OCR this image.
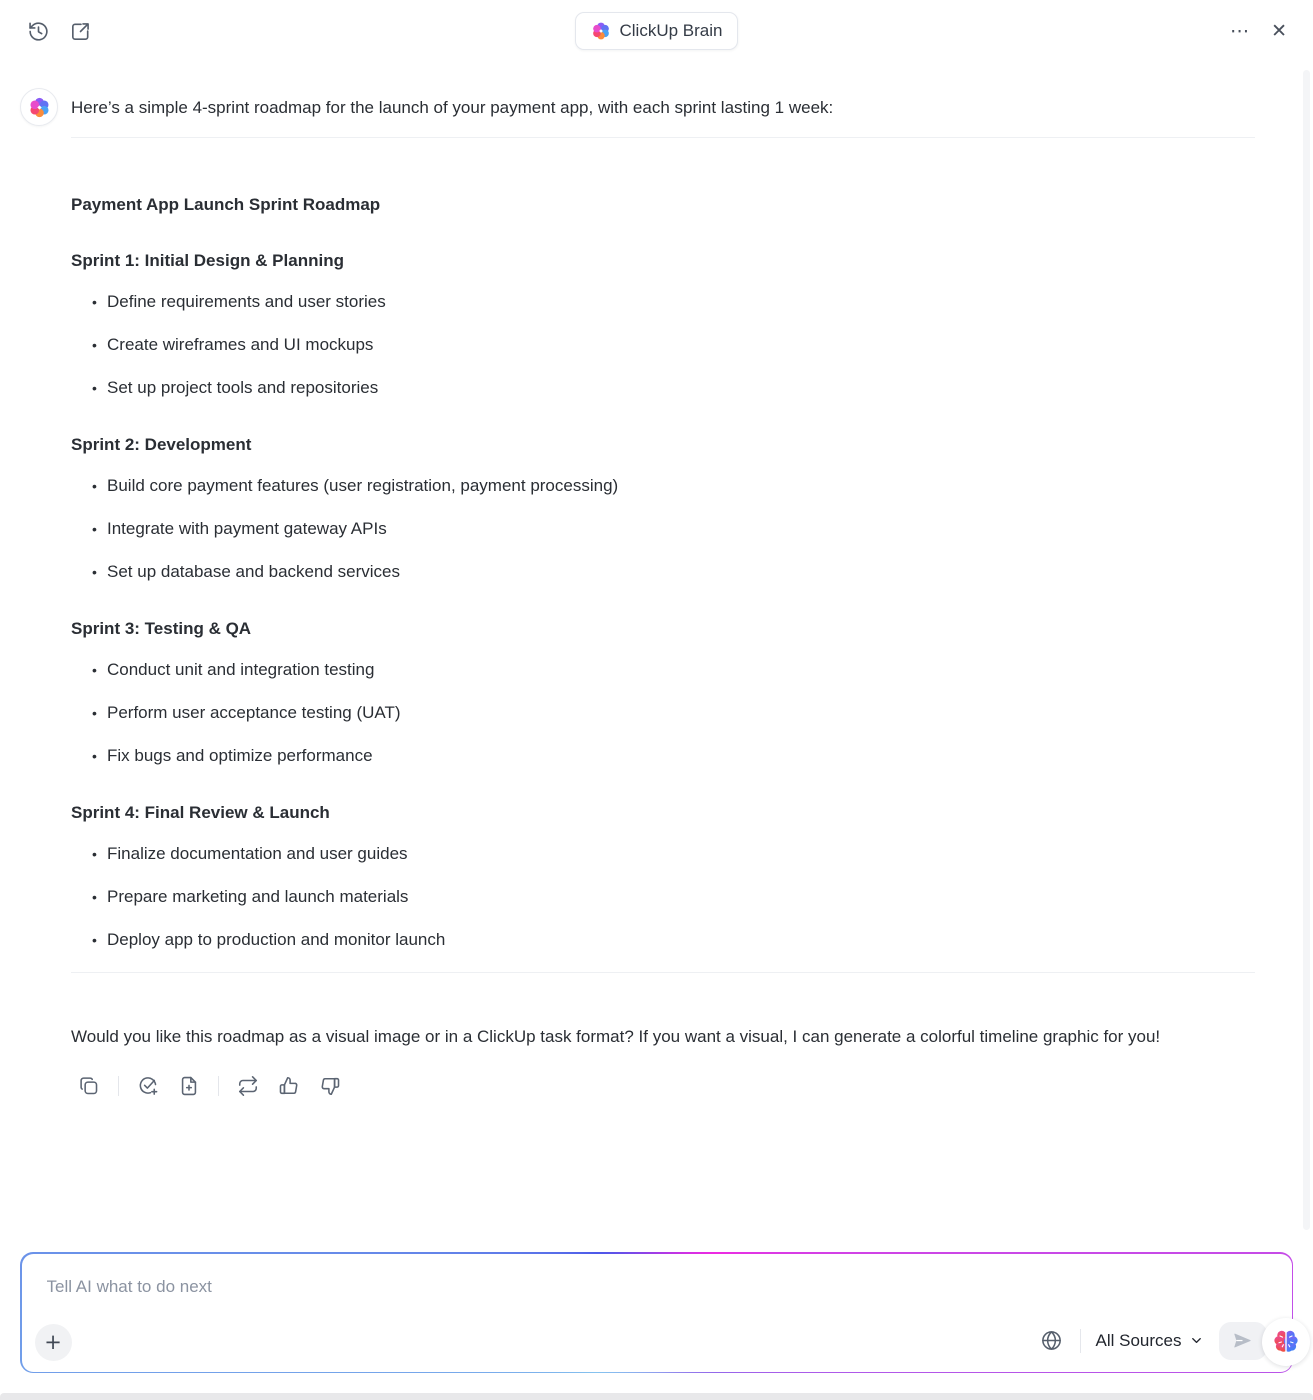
ClickUp Brain	⋯ ✕

Here’s a simple 4-sprint roadmap for the launch of your payment app, with each sprint lasting 1 week:

Payment App Launch Sprint Roadmap

Sprint 1: Initial Design & Planning

• Define requirements and user stories
• Create wireframes and UI mockups
• Set up project tools and repositories

Sprint 2: Development

• Build core payment features (user registration, payment processing)
• Integrate with payment gateway APIs
• Set up database and backend services

Sprint 3: Testing & QA

• Conduct unit and integration testing
• Perform user acceptance testing (UAT)
• Fix bugs and optimize performance

Sprint 4: Final Review & Launch

• Finalize documentation and user guides
• Prepare marketing and launch materials
• Deploy app to production and monitor launch

Would you like this roadmap as a visual image or in a ClickUp task format? If you want a visual, I can generate a colorful timeline graphic for you!

Tell AI what to do next
+	All Sources
